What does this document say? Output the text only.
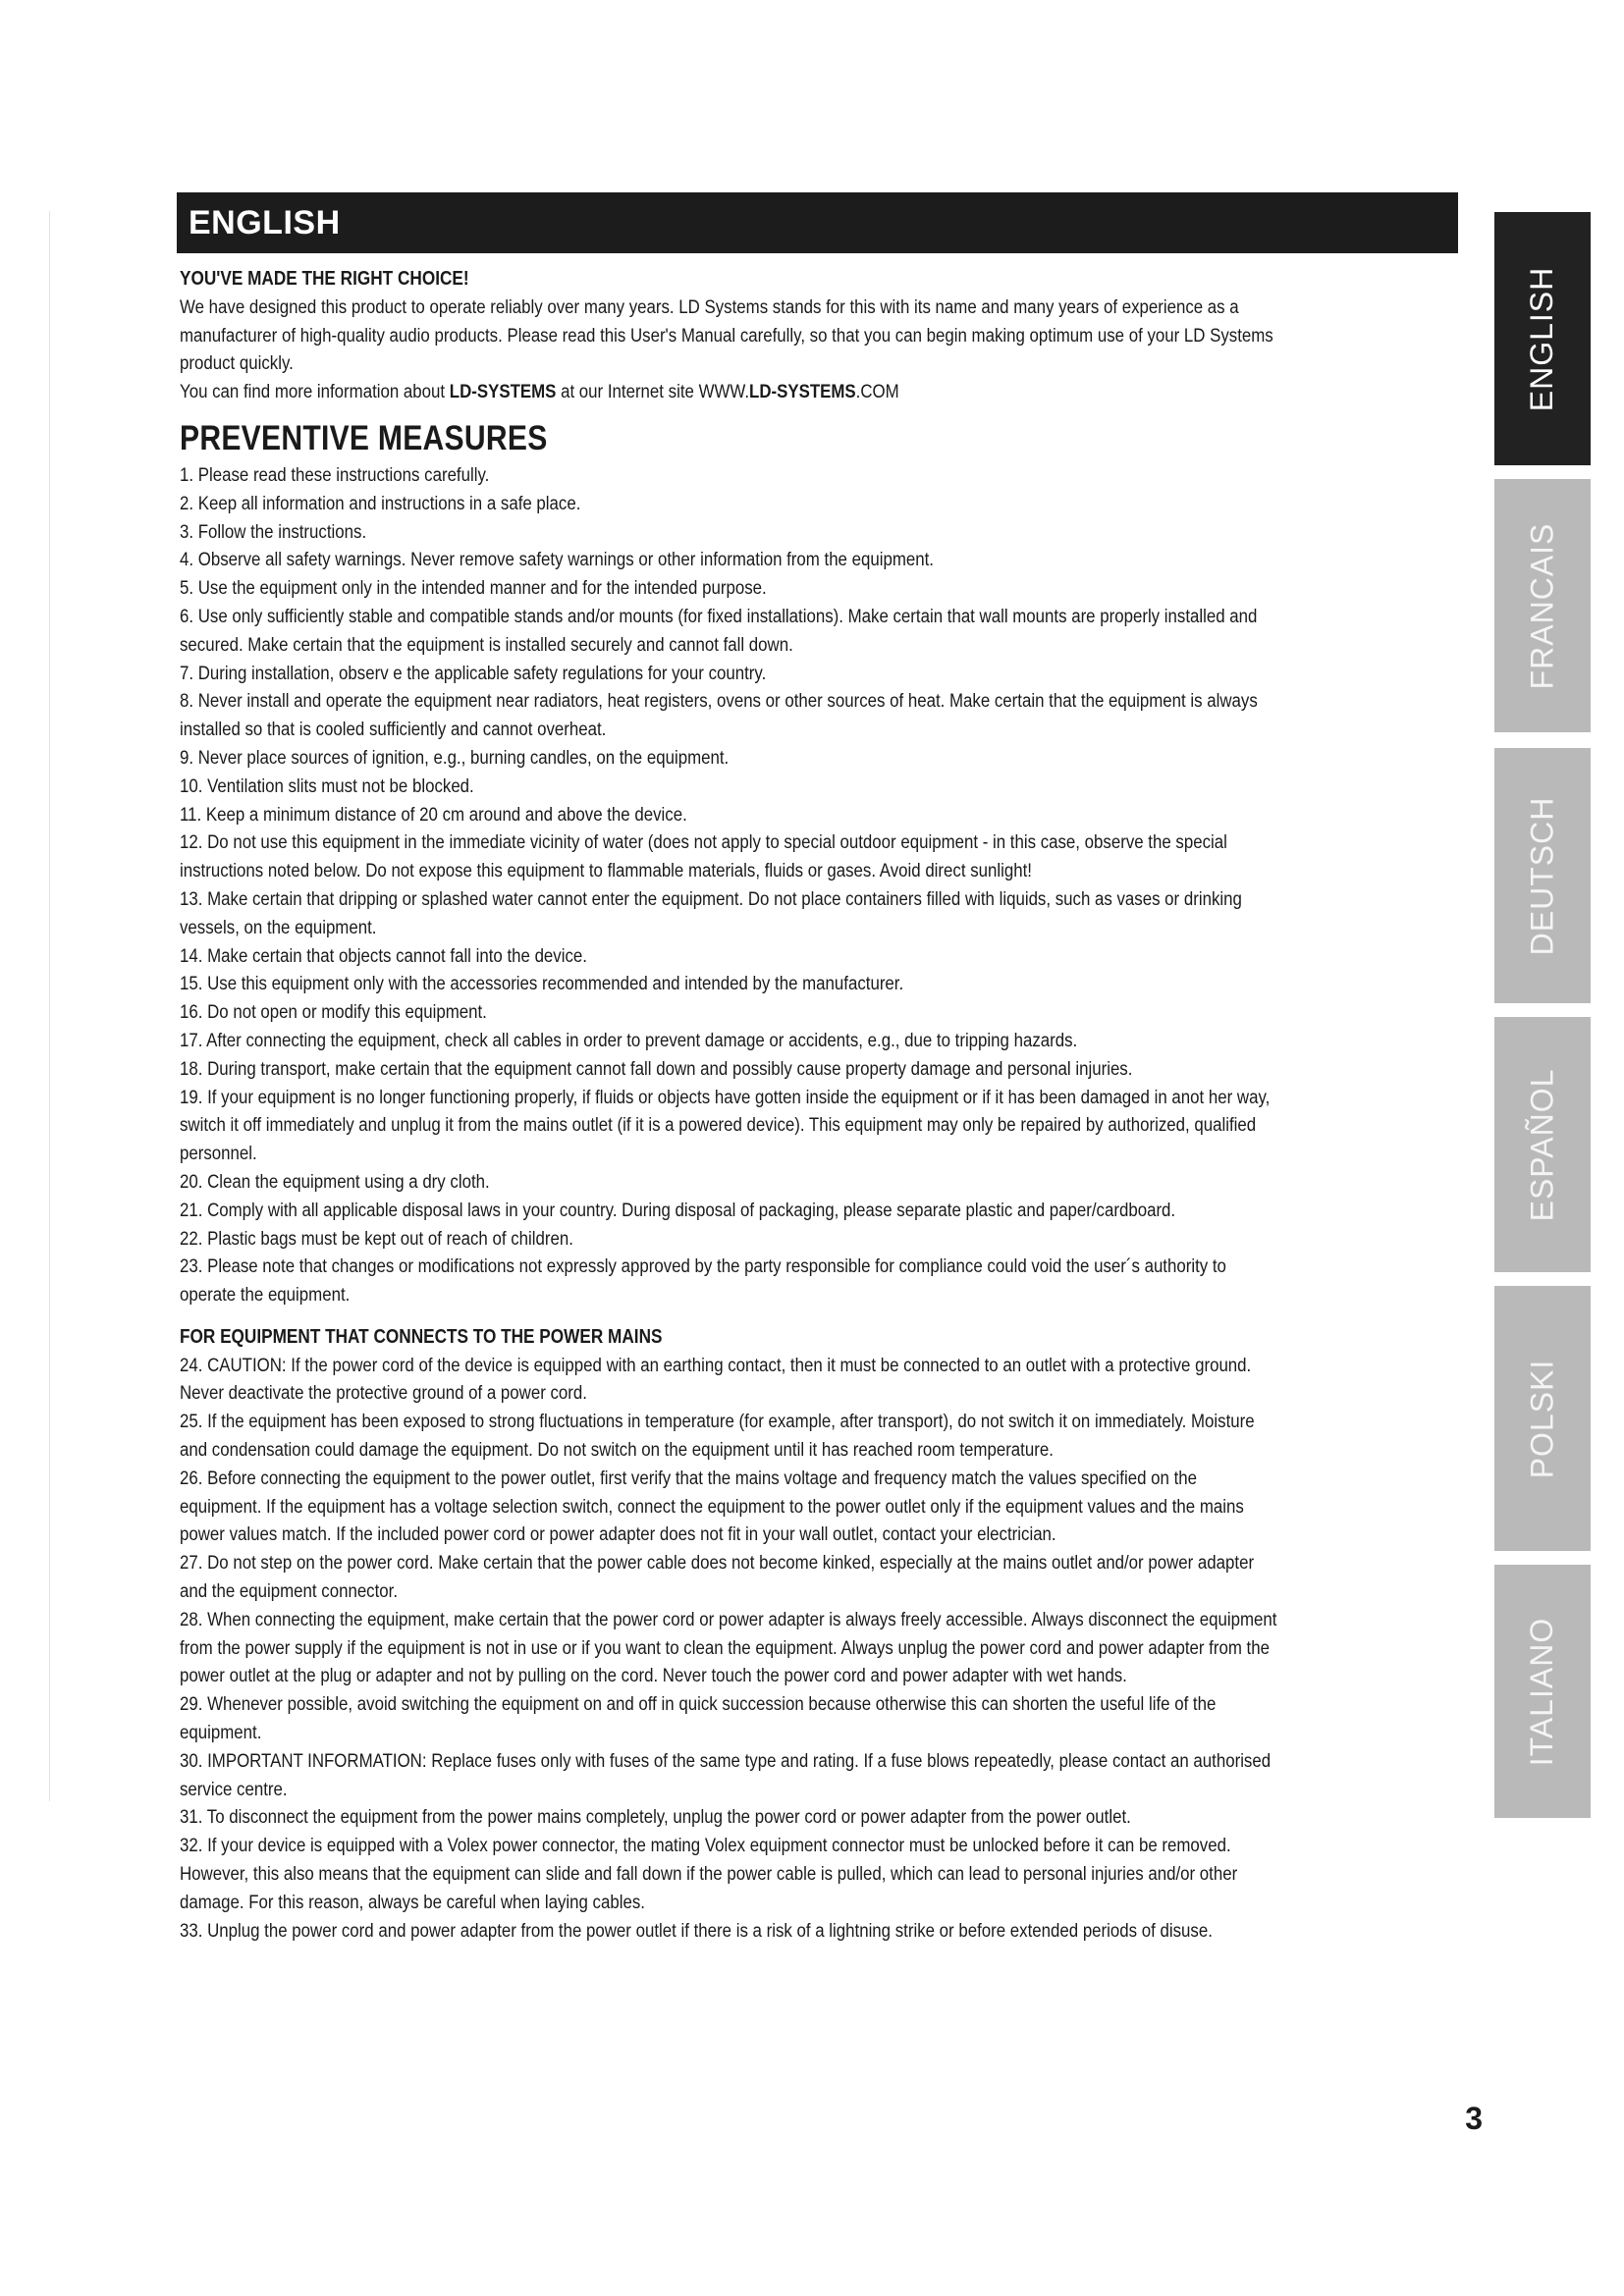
ENGLISH

YOU'VE MADE THE RIGHT CHOICE!

We have designed this product to operate reliably over many years. LD Systems stands for this with its name and many years of experience as a manufacturer of high-quality audio products. Please read this User's Manual carefully, so that you can begin making optimum use of your LD Systems product quickly.

You can find more information about LD-SYSTEMS at our Internet site WWW.LD-SYSTEMS.COM

PREVENTIVE MEASURES

1. Please read these instructions carefully.

2. Keep all information and instructions in a safe place.

3. Follow the instructions.

4. Observe all safety warnings. Never remove safety warnings or other information from the equipment.

5. Use the equipment only in the intended manner and for the intended purpose.

6. Use only sufficiently stable and compatible stands and/or mounts (for fixed installations). Make certain that wall mounts are properly installed and secured. Make certain that the equipment is installed securely and cannot fall down.

7. During installation, observ e the applicable safety regulations for your country.

8. Never install and operate the equipment near radiators, heat registers, ovens or other sources of heat. Make certain that the equipment is always installed so that is cooled sufficiently and cannot overheat.

9. Never place sources of ignition, e.g., burning candles, on the equipment.

10. Ventilation slits must not be blocked.

11. Keep a minimum distance of 20 cm around and above the device.

12. Do not use this equipment in the immediate vicinity of water (does not apply to special outdoor equipment - in this case, observe the special instructions noted below. Do not expose this equipment to flammable materials, fluids or gases. Avoid direct sunlight!

13. Make certain that dripping or splashed water cannot enter the equipment. Do not place containers filled with liquids, such as vases or drinking vessels, on the equipment.

14. Make certain that objects cannot fall into the device.

15. Use this equipment only with the accessories recommended and intended by the manufacturer.

16. Do not open or modify this equipment.

17. After connecting the equipment, check all cables in order to prevent damage or accidents, e.g., due to tripping hazards.

18. During transport, make certain that the equipment cannot fall down and possibly cause property damage and personal injuries.

19. If your equipment is no longer functioning properly, if fluids or objects have gotten inside the equipment or if it has been damaged in anot her way, switch it off immediately and unplug it from the mains outlet (if it is a powered device). This equipment may only be repaired by authorized, qualified personnel.

20. Clean the equipment using a dry cloth.

21. Comply with all applicable disposal laws in your country. During disposal of packaging, please separate plastic and paper/cardboard.

22. Plastic bags must be kept out of reach of children.

23. Please note that changes or modifications not expressly approved by the party responsible for compliance could void the user´s authority to operate the equipment.

FOR EQUIPMENT THAT CONNECTS TO THE POWER MAINS

24. CAUTION: If the power cord of the device is equipped with an earthing contact, then it must be connected to an outlet with a protective ground. Never deactivate the protective ground of a power cord.

25. If the equipment has been exposed to strong fluctuations in temperature (for example, after transport), do not switch it on immediately. Moisture and condensation could damage the equipment. Do not switch on the equipment until it has reached room temperature.

26. Before connecting the equipment to the power outlet, first verify that the mains voltage and frequency match the values specified on the equipment. If the equipment has a voltage selection switch, connect the equipment to the power outlet only if the equipment values and the mains power values match. If the included power cord or power adapter does not fit in your wall outlet, contact your electrician.

27. Do not step on the power cord. Make certain that the power cable does not become kinked, especially at the mains outlet and/or power adapter and the equipment connector.

28. When connecting the equipment, make certain that the power cord or power adapter is always freely accessible. Always disconnect the equipment from the power supply if the equipment is not in use or if you want to clean the equipment. Always unplug the power cord and power adapter from the power outlet at the plug or adapter and not by pulling on the cord. Never touch the power cord and power adapter with wet hands.

29. Whenever possible, avoid switching the equipment on and off in quick succession because otherwise this can shorten the useful life of the equipment.

30. IMPORTANT INFORMATION: Replace fuses only with fuses of the same type and rating. If a fuse blows repeatedly, please contact an authorised service centre.

31. To disconnect the equipment from the power mains completely, unplug the power cord or power adapter from the power outlet.

32. If your device is equipped with a Volex power connector, the mating Volex equipment connector must be unlocked before it can be removed. However, this also means that the equipment can slide and fall down if the power cable is pulled, which can lead to personal injuries and/or other damage. For this reason, always be careful when laying cables.

33. Unplug the power cord and power adapter from the power outlet if there is a risk of a lightning strike or before extended periods of disuse.

ENGLISH
FRANCAIS
DEUTSCH
ESPAÑOL
POLSKI
ITALIANO
3
